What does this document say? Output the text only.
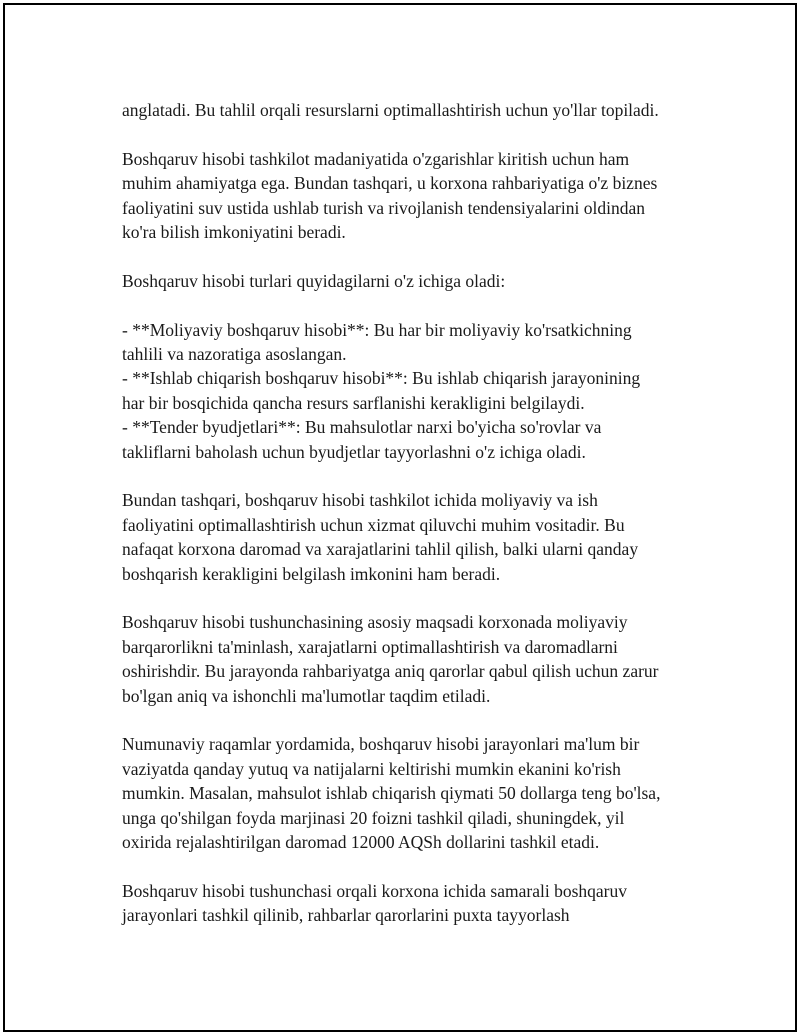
anglatadi. Bu tahlil orqali resurslarni optimallashtirish uchun yo'llar topiladi.

Boshqaruv hisobi tashkilot madaniyatida o'zgarishlar kiritish uchun ham
muhim ahamiyatga ega. Bundan tashqari, u korxona rahbariyatiga o'z biznes
faoliyatini suv ustida ushlab turish va rivojlanish tendensiyalarini oldindan
ko'ra bilish imkoniyatini beradi.

Boshqaruv hisobi turlari quyidagilarni o'z ichiga oladi:

- **Moliyaviy boshqaruv hisobi**: Bu har bir moliyaviy ko'rsatkichning
tahlili va nazoratiga asoslangan.
- **Ishlab chiqarish boshqaruv hisobi**: Bu ishlab chiqarish jarayonining
har bir bosqichida qancha resurs sarflanishi kerakligini belgilaydi.
- **Tender byudjetlari**: Bu mahsulotlar narxi bo'yicha so'rovlar va
takliflarni baholash uchun byudjetlar tayyorlashni o'z ichiga oladi.

Bundan tashqari, boshqaruv hisobi tashkilot ichida moliyaviy va ish
faoliyatini optimallashtirish uchun xizmat qiluvchi muhim vositadir. Bu
nafaqat korxona daromad va xarajatlarini tahlil qilish, balki ularni qanday
boshqarish kerakligini belgilash imkonini ham beradi.

Boshqaruv hisobi tushunchasining asosiy maqsadi korxonada moliyaviy
barqarorlikni ta'minlash, xarajatlarni optimallashtirish va daromadlarni
oshirishdir. Bu jarayonda rahbariyatga aniq qarorlar qabul qilish uchun zarur
bo'lgan aniq va ishonchli ma'lumotlar taqdim etiladi.

Numunaviy raqamlar yordamida, boshqaruv hisobi jarayonlari ma'lum bir
vaziyatda qanday yutuq va natijalarni keltirishi mumkin ekanini ko'rish
mumkin. Masalan, mahsulot ishlab chiqarish qiymati 50 dollarga teng bo'lsa,
unga qo'shilgan foyda marjinasi 20 foizni tashkil qiladi, shuningdek, yil
oxirida rejalashtirilgan daromad 12000 AQSh dollarini tashkil etadi.

Boshqaruv hisobi tushunchasi orqali korxona ichida samarali boshqaruv
jarayonlari tashkil qilinib, rahbarlar qarorlarini puxta tayyorlash
